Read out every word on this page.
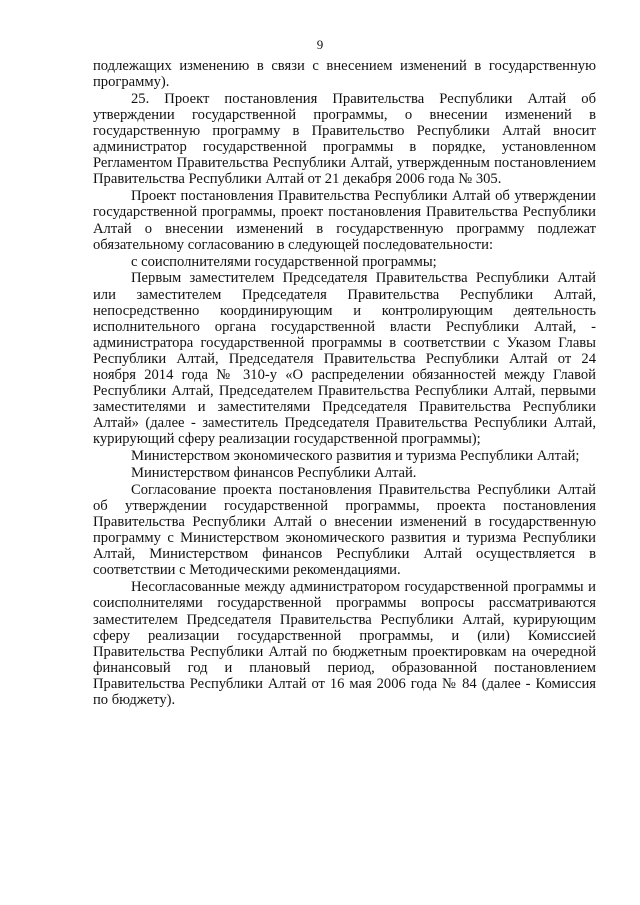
9

подлежащих изменению в связи с внесением изменений в государственную программу).

25. Проект постановления Правительства Республики Алтай об утверждении государственной программы, о внесении изменений в государственную программу в Правительство Республики Алтай вносит администратор государственной программы в порядке, установленном Регламентом Правительства Республики Алтай, утвержденным постановлением Правительства Республики Алтай от 21 декабря 2006 года № 305.

Проект постановления Правительства Республики Алтай об утверждении государственной программы, проект постановления Правительства Республики Алтай о внесении изменений в государственную программу подлежат обязательному согласованию в следующей последовательности:

с соисполнителями государственной программы;

Первым заместителем Председателя Правительства Республики Алтай или заместителем Председателя Правительства Республики Алтай, непосредственно координирующим и контролирующим деятельность исполнительного органа государственной власти Республики Алтай, - администратора государственной программы в соответствии с Указом Главы Республики Алтай, Председателя Правительства Республики Алтай от 24 ноября 2014 года № 310-у «О распределении обязанностей между Главой Республики Алтай, Председателем Правительства Республики Алтай, первыми заместителями и заместителями Председателя Правительства Республики Алтай» (далее - заместитель Председателя Правительства Республики Алтай, курирующий сферу реализации государственной программы);

Министерством экономического развития и туризма Республики Алтай;

Министерством финансов Республики Алтай.

Согласование проекта постановления Правительства Республики Алтай об утверждении государственной программы, проекта постановления Правительства Республики Алтай о внесении изменений в государственную программу с Министерством экономического развития и туризма Республики Алтай, Министерством финансов Республики Алтай осуществляется в соответствии с Методическими рекомендациями.

Несогласованные между администратором государственной программы и соисполнителями государственной программы вопросы рассматриваются заместителем Председателя Правительства Республики Алтай, курирующим сферу реализации государственной программы, и (или) Комиссией Правительства Республики Алтай по бюджетным проектировкам на очередной финансовый год и плановый период, образованной постановлением Правительства Республики Алтай от 16 мая 2006 года № 84 (далее - Комиссия по бюджету).
